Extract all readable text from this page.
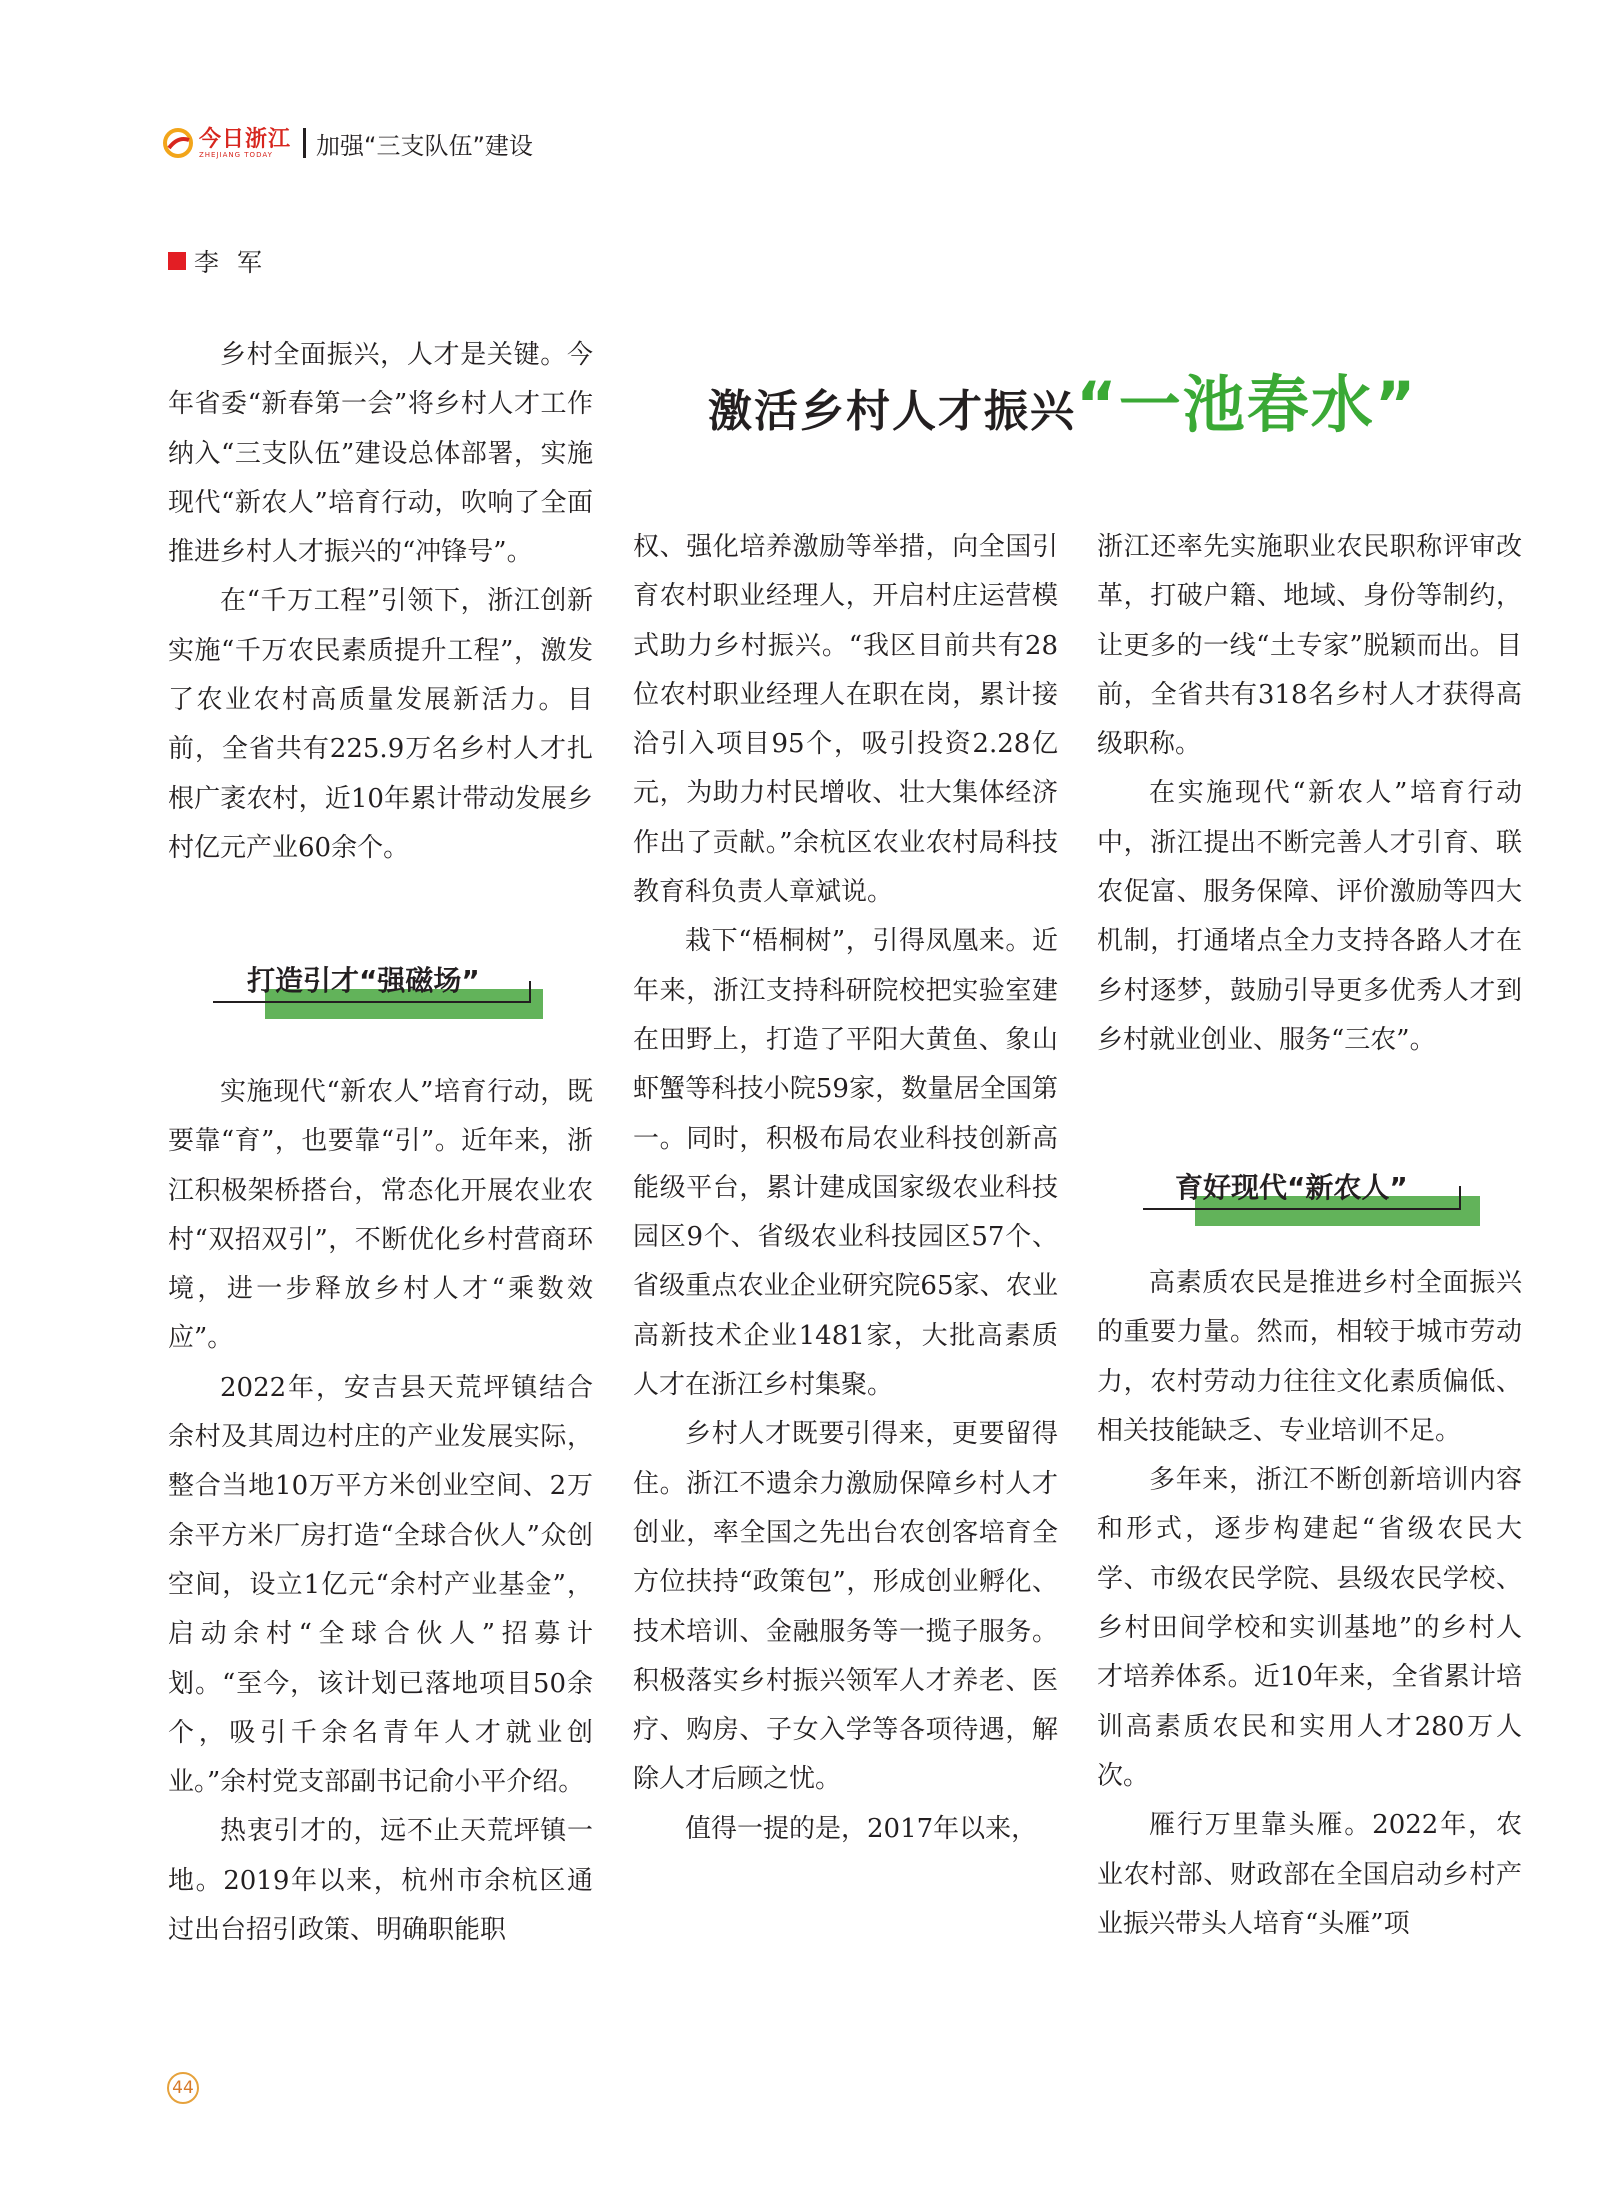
今日浙江
ZHEJIANG TODAY	加强“三支队伍”建设
李军
激活乡村人才振兴 “一池春水”

乡村全面振兴，人才是关键。今年省委“新春第一会”将乡村人才工作纳入“三支队伍”建设总体部署，实施现代“新农人”培育行动，吹响了全面推进乡村人才振兴的“冲锋号”。

在“千万工程”引领下，浙江创新实施“千万农民素质提升工程”，激发了农业农村高质量发展新活力。目前，全省共有225.9万名乡村人才扎根广袤农村，近10年累计带动发展乡村亿元产业60余个。

打造引才“强磁场”

实施现代“新农人”培育行动，既要靠“育”，也要靠“引”。近年来，浙江积极架桥搭台，常态化开展农业农村“双招双引”，不断优化乡村营商环境，进一步释放乡村人才“乘数效应”。

2022年，安吉县天荒坪镇结合余村及其周边村庄的产业发展实际，整合当地10万平方米创业空间、2万余平方米厂房打造“全球合伙人”众创空间，设立1亿元“余村产业基金”，启动余村“全球合伙人”招募计划。“至今，该计划已落地项目50余个，吸引千余名青年人才就业创业。”余村党支部副书记俞小平介绍。

热衷引才的，远不止天荒坪镇一地。2019年以来，杭州市余杭区通过出台招引政策、明确职能职

权、强化培养激励等举措，向全国引育农村职业经理人，开启村庄运营模式助力乡村振兴。“我区目前共有28位农村职业经理人在职在岗，累计接洽引入项目95个，吸引投资2.28亿元，为助力村民增收、壮大集体经济作出了贡献。”余杭区农业农村局科技教育科负责人章斌说。

栽下“梧桐树”，引得凤凰来。近年来，浙江支持科研院校把实验室建在田野上，打造了平阳大黄鱼、象山虾蟹等科技小院59家，数量居全国第一。同时，积极布局农业科技创新高能级平台，累计建成国家级农业科技园区9个、省级农业科技园区57个、省级重点农业企业研究院65家、农业高新技术企业1481家，大批高素质人才在浙江乡村集聚。

乡村人才既要引得来，更要留得住。浙江不遗余力激励保障乡村人才创业，率全国之先出台农创客培育全方位扶持“政策包”，形成创业孵化、技术培训、金融服务等一揽子服务。积极落实乡村振兴领军人才养老、医疗、购房、子女入学等各项待遇，解除人才后顾之忧。

值得一提的是，2017年以来，

浙江还率先实施职业农民职称评审改革，打破户籍、地域、身份等制约，让更多的一线“土专家”脱颖而出。目前，全省共有318名乡村人才获得高级职称。

在实施现代“新农人”培育行动中，浙江提出不断完善人才引育、联农促富、服务保障、评价激励等四大机制，打通堵点全力支持各路人才在乡村逐梦，鼓励引导更多优秀人才到乡村就业创业、服务“三农”。

育好现代“新农人”

高素质农民是推进乡村全面振兴的重要力量。然而，相较于城市劳动力，农村劳动力往往文化素质偏低、相关技能缺乏、专业培训不足。

多年来，浙江不断创新培训内容和形式，逐步构建起“省级农民大学、市级农民学院、县级农民学校、乡村田间学校和实训基地”的乡村人才培养体系。近10年来，全省累计培训高素质农民和实用人才280万人次。

雁行万里靠头雁。2022年，农业农村部、财政部在全国启动乡村产业振兴带头人培育“头雁”项

44
